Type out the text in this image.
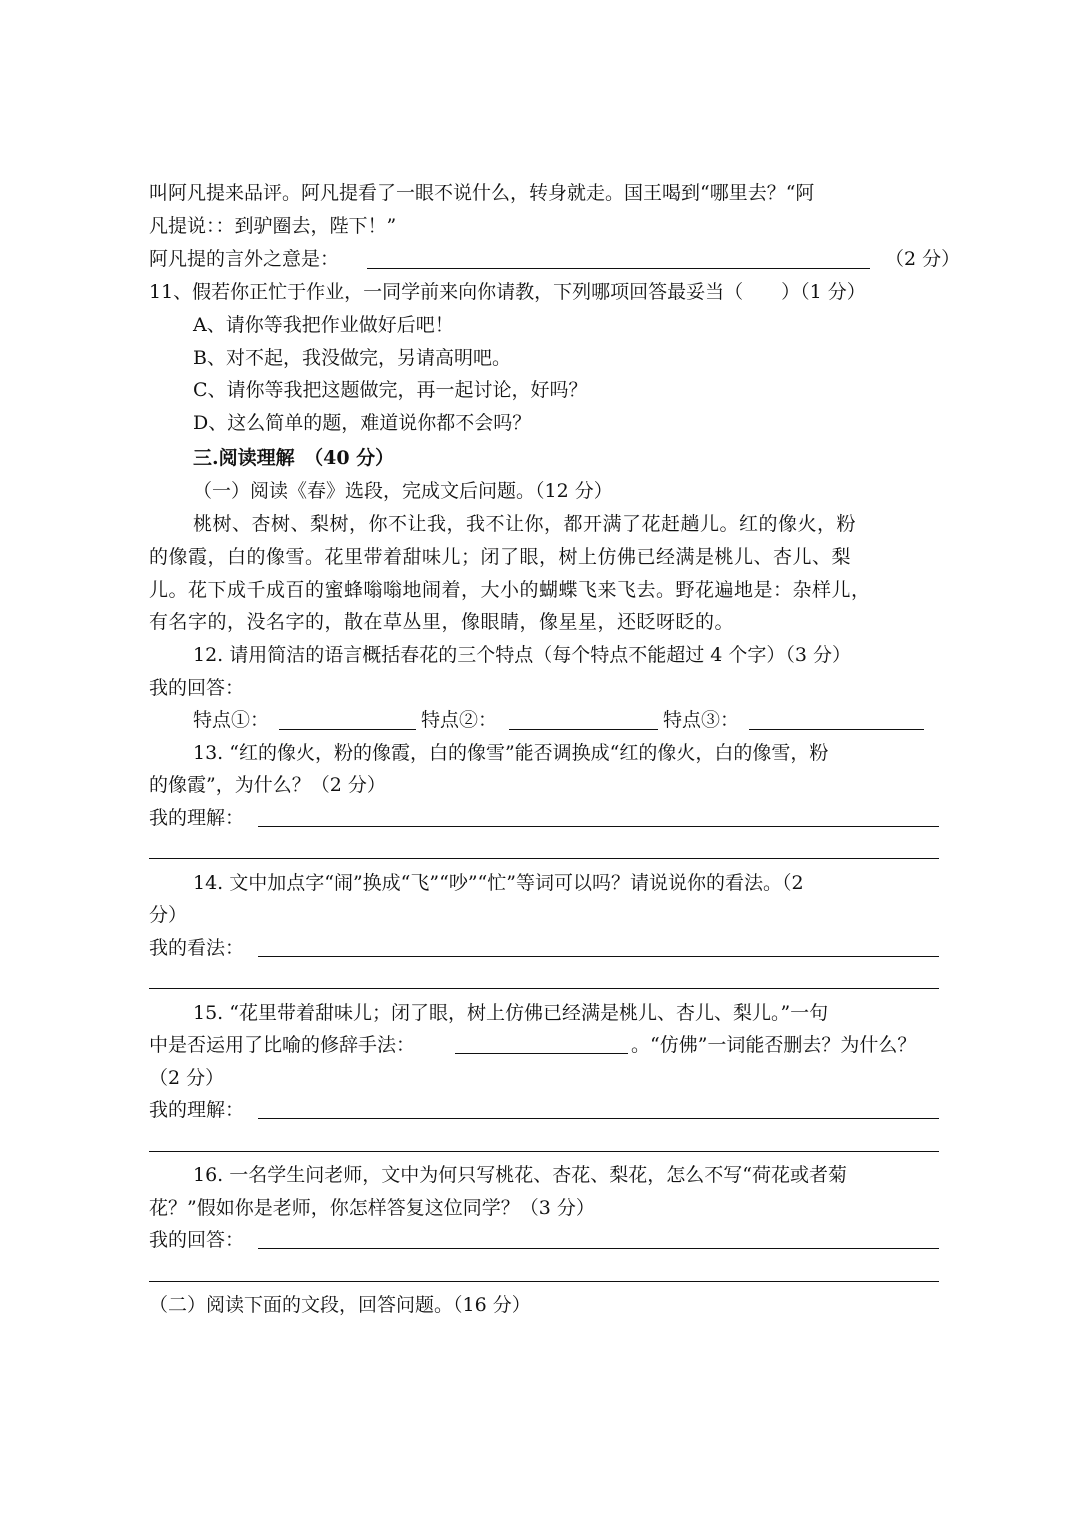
叫阿凡提来品评。阿凡提看了一眼不说什么，转身就走。国王喝到“哪里去？“阿
凡提说：：到驴圈去，陛下！”
阿凡提的言外之意是：	（2 分）
11、假若你正忙于作业，一同学前来向你请教，下列哪项回答最妥当（　　）（1 分）
A、请你等我把作业做好后吧！
B、对不起，我没做完，另请高明吧。
C、请你等我把这题做完，再一起讨论，好吗？
D、这么简单的题，难道说你都不会吗？
三.阅读理解　（40 分）
（一）阅读《春》选段，完成文后问题。（12 分）
桃树、杏树、梨树，你不让我，我不让你，都开满了花赶趟儿。红的像火，粉
的像霞，白的像雪。花里带着甜味儿；闭了眼，树上仿佛已经满是桃儿、杏儿、梨
儿。花下成千成百的蜜蜂嗡嗡地闹着，大小的蝴蝶飞来飞去。野花遍地是：杂样儿，
有名字的，没名字的，散在草丛里，像眼睛，像星星，还眨呀眨的。
12. 请用简洁的语言概括春花的三个特点（每个特点不能超过 4 个字）（3 分）
我的回答：
特点①：	特点②：	特点③：
13. “红的像火，粉的像霞，白的像雪”能否调换成“红的像火，白的像雪，粉
的像霞”，为什么？（2 分）
我的理解：
14. 文中加点字“闹”换成“飞”“吵”“忙”等词可以吗？请说说你的看法。（2
分）
我的看法：
15. “花里带着甜味儿；闭了眼，树上仿佛已经满是桃儿、杏儿、梨儿。”一句
中是否运用了比喻的修辞手法：	。“仿佛”一词能否删去？为什么？
（2 分）
我的理解：
16. 一名学生问老师，文中为何只写桃花、杏花、梨花，怎么不写“荷花或者菊
花？”假如你是老师，你怎样答复这位同学？（3 分）
我的回答：
（二）阅读下面的文段，回答问题。（16 分）
